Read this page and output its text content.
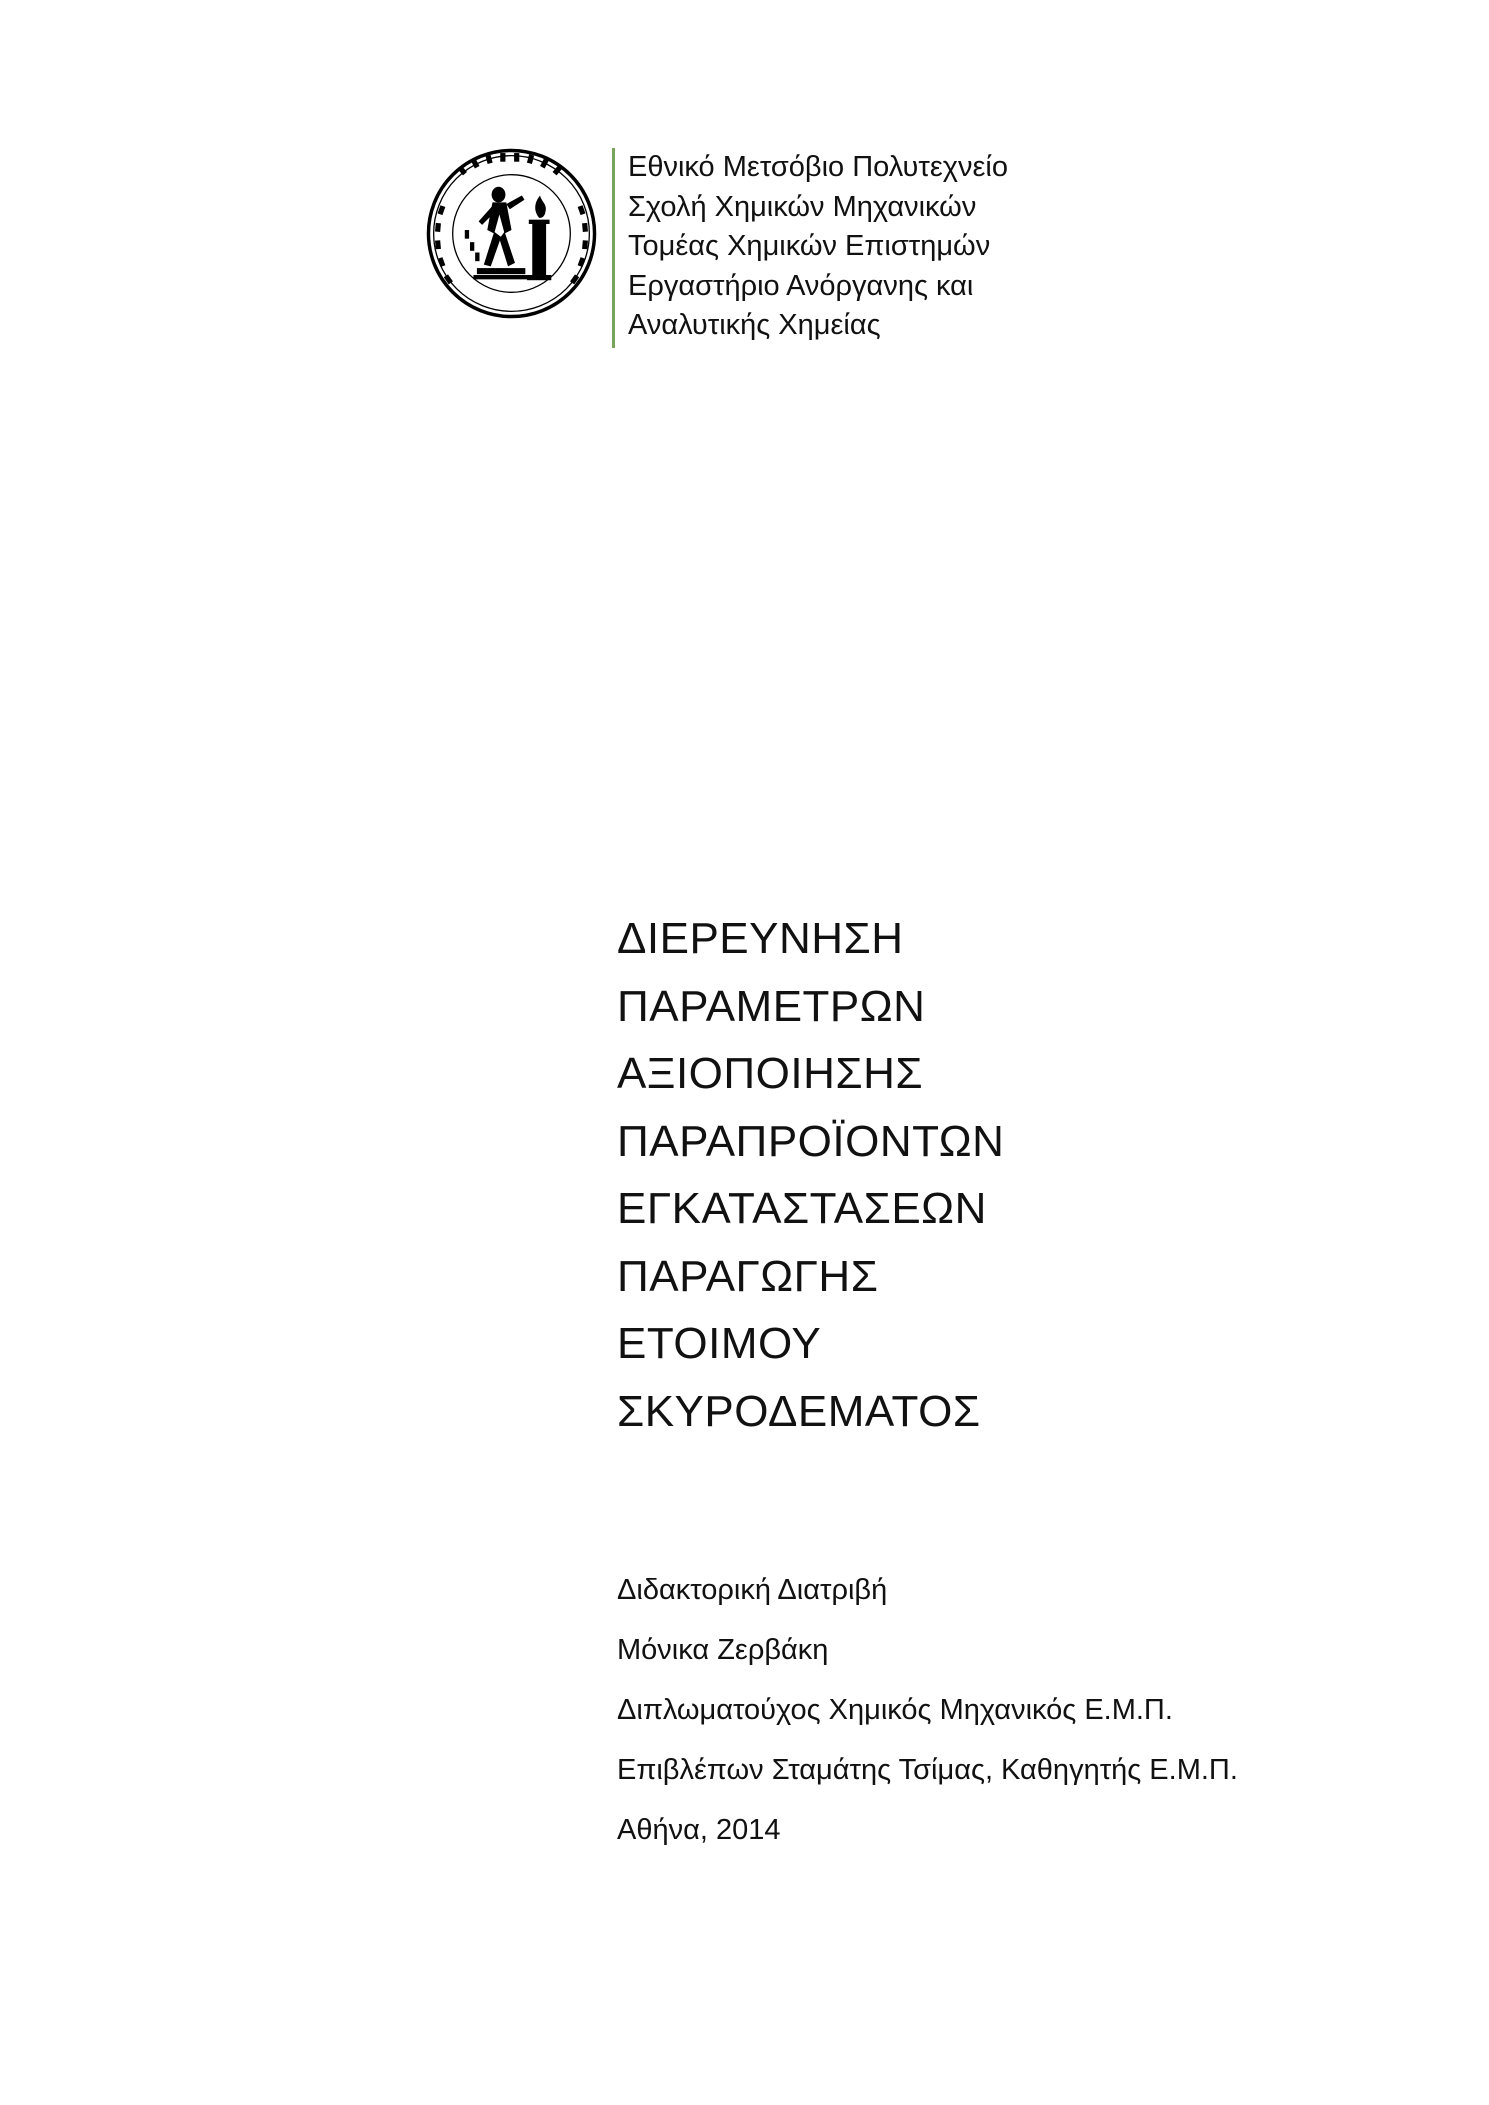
Εθνικό Μετσόβιο Πολυτεχνείο
Σχολή Χημικών Μηχανικών
Τομέας Χημικών Επιστημών
Εργαστήριο Ανόργανης και
Αναλυτικής Χημείας
ΔΙΕΡΕΥΝΗΣΗ
ΠΑΡΑΜΕΤΡΩΝ
ΑΞΙΟΠΟΙΗΣΗΣ
ΠΑΡΑΠΡΟΪΟΝΤΩΝ
ΕΓΚΑΤΑΣΤΑΣΕΩΝ
ΠΑΡΑΓΩΓΗΣ
ΕΤΟΙΜΟΥ
ΣΚΥΡΟΔΕΜΑΤΟΣ
Διδακτορική Διατριβή
Μόνικα Ζερβάκη
Διπλωματούχος Χημικός Μηχανικός Ε.Μ.Π.
Επιβλέπων Σταμάτης Τσίμας, Καθηγητής Ε.Μ.Π.
Αθήνα, 2014
